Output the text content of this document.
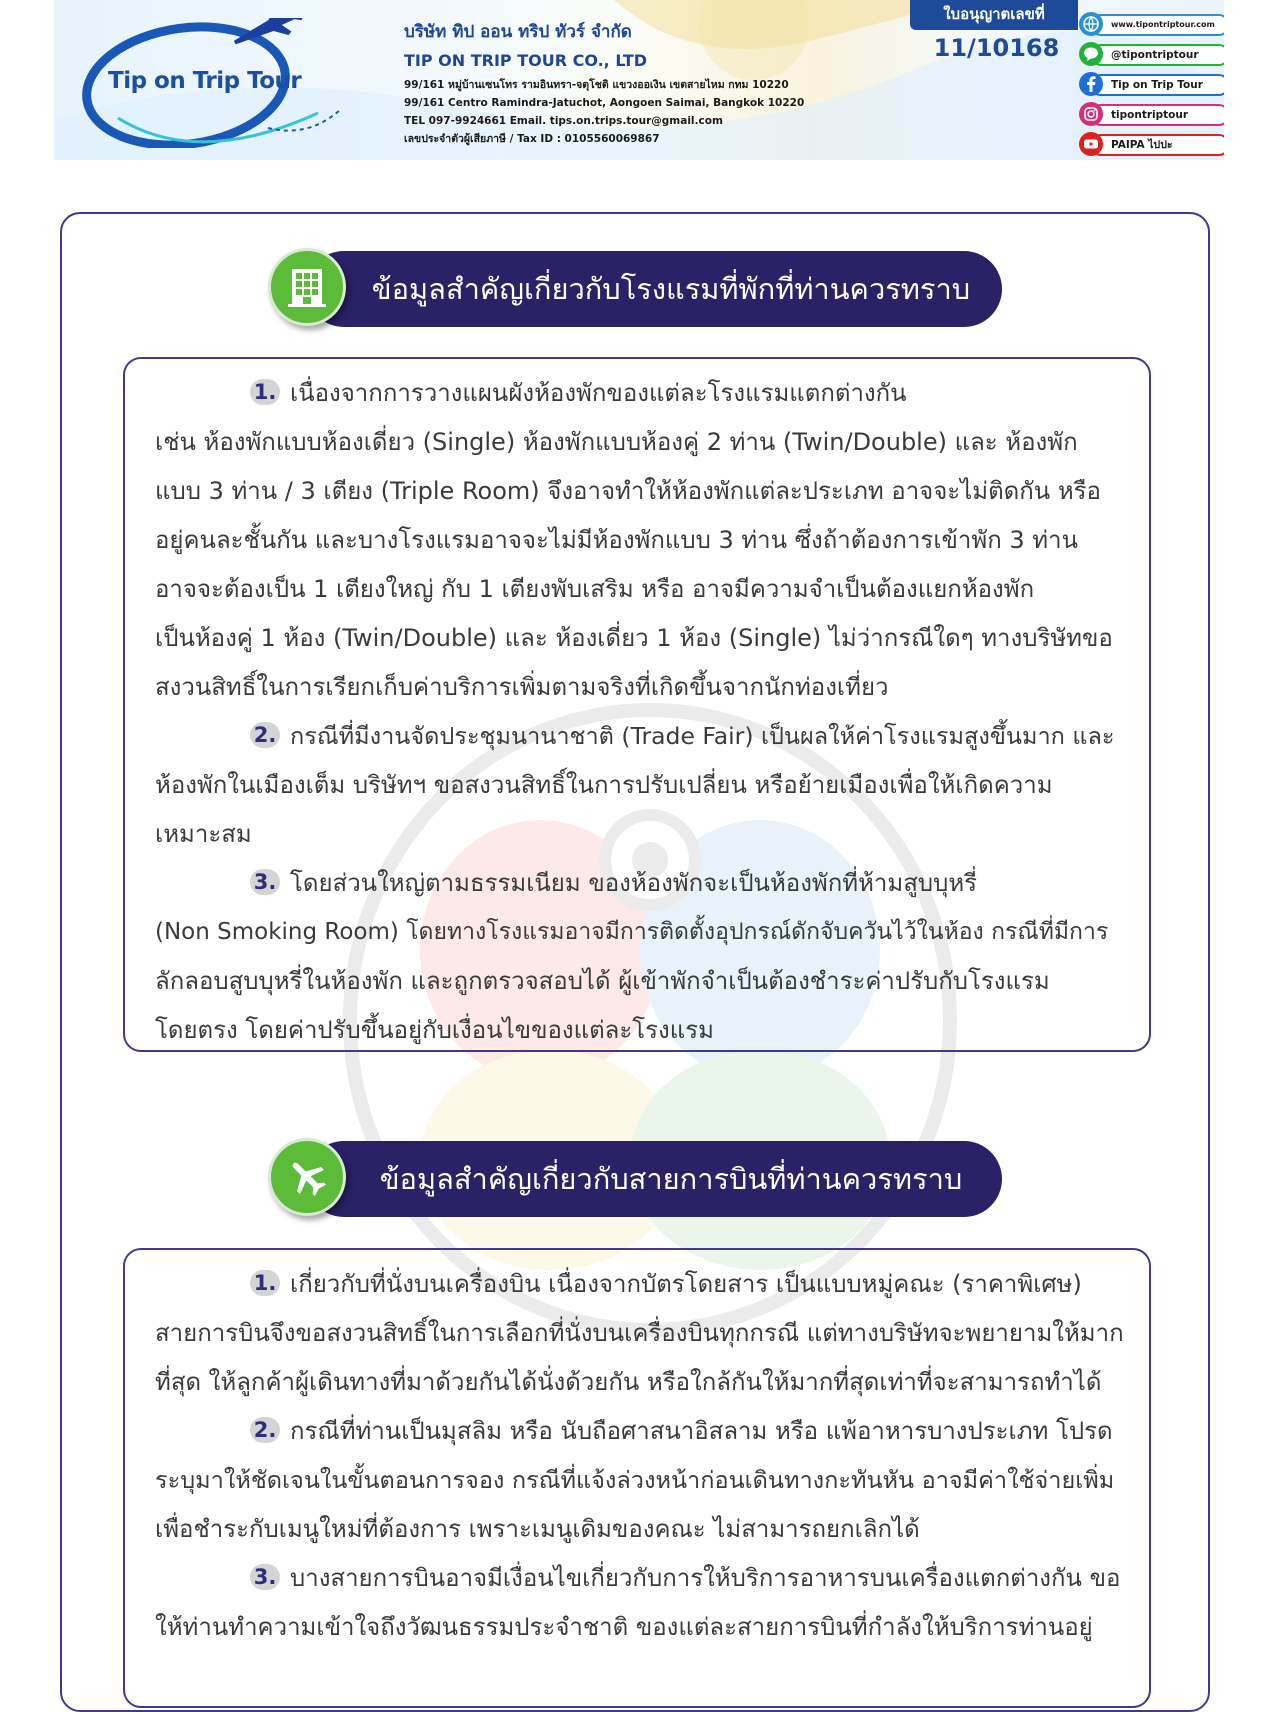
Tip on Trip Tour
บริษัท ทิป ออน ทริป ทัวร์ จำกัด
TIP ON TRIP TOUR CO., LTD
99/161 หมู่บ้านเซนโทร รามอินทรา-จตุโชติ แขวงออเงิน เขตสายไหม กทม 10220
99/161 Centro Ramindra-Jatuchot, Aongoen Saimai, Bangkok 10220
TEL 097-9924661 Email. tips.on.trips.tour@gmail.com
เลขประจำตัวผู้เสียภาษี / Tax ID : 0105560069867
ใบอนุญาตเลขที่
11/10168
www.tipontriptour.com
@tipontriptour
Tip on Trip Tour
tipontriptour
PAIPA ไปปะ
ข้อมูลสำคัญเกี่ยวกับโรงแรมที่พักที่ท่านควรทราบ
1. เนื่องจากการวางแผนผังห้องพักของแต่ละโรงแรมแตกต่างกัน
เช่น ห้องพักแบบห้องเดี่ยว (Single) ห้องพักแบบห้องคู่ 2 ท่าน (Twin/Double) และ ห้องพัก
แบบ 3 ท่าน / 3 เตียง (Triple Room) จึงอาจทำให้ห้องพักแต่ละประเภท อาจจะไม่ติดกัน หรือ
อยู่คนละชั้นกัน และบางโรงแรมอาจจะไม่มีห้องพักแบบ 3 ท่าน ซึ่งถ้าต้องการเข้าพัก 3 ท่าน
อาจจะต้องเป็น 1 เตียงใหญ่ กับ 1 เตียงพับเสริม หรือ อาจมีความจำเป็นต้องแยกห้องพัก
เป็นห้องคู่ 1 ห้อง (Twin/Double) และ ห้องเดี่ยว 1 ห้อง (Single) ไม่ว่ากรณีใดๆ ทางบริษัทขอ
สงวนสิทธิ์ในการเรียกเก็บค่าบริการเพิ่มตามจริงที่เกิดขึ้นจากนักท่องเที่ยว
2. กรณีที่มีงานจัดประชุมนานาชาติ (Trade Fair) เป็นผลให้ค่าโรงแรมสูงขึ้นมาก และ
ห้องพักในเมืองเต็ม บริษัทฯ ขอสงวนสิทธิ์ในการปรับเปลี่ยน หรือย้ายเมืองเพื่อให้เกิดความ
เหมาะสม
3. โดยส่วนใหญ่ตามธรรมเนียม ของห้องพักจะเป็นห้องพักที่ห้ามสูบบุหรี่
(Non Smoking Room) โดยทางโรงแรมอาจมีการติดตั้งอุปกรณ์ดักจับควันไว้ในห้อง กรณีที่มีการ
ลักลอบสูบบุหรี่ในห้องพัก และถูกตรวจสอบได้ ผู้เข้าพักจำเป็นต้องชำระค่าปรับกับโรงแรม
โดยตรง โดยค่าปรับขึ้นอยู่กับเงื่อนไขของแต่ละโรงแรม
ข้อมูลสำคัญเกี่ยวกับสายการบินที่ท่านควรทราบ
1. เกี่ยวกับที่นั่งบนเครื่องบิน เนื่องจากบัตรโดยสาร เป็นแบบหมู่คณะ (ราคาพิเศษ)
สายการบินจึงขอสงวนสิทธิ์ในการเลือกที่นั่งบนเครื่องบินทุกกรณี แต่ทางบริษัทจะพยายามให้มาก
ที่สุด ให้ลูกค้าผู้เดินทางที่มาด้วยกันได้นั่งด้วยกัน หรือใกล้กันให้มากที่สุดเท่าที่จะสามารถทำได้
2. กรณีที่ท่านเป็นมุสลิม หรือ นับถือศาสนาอิสลาม หรือ แพ้อาหารบางประเภท โปรด
ระบุมาให้ชัดเจนในขั้นตอนการจอง กรณีที่แจ้งล่วงหน้าก่อนเดินทางกะทันหัน อาจมีค่าใช้จ่ายเพิ่ม
เพื่อชำระกับเมนูใหม่ที่ต้องการ เพราะเมนูเดิมของคณะ ไม่สามารถยกเลิกได้
3. บางสายการบินอาจมีเงื่อนไขเกี่ยวกับการให้บริการอาหารบนเครื่องแตกต่างกัน ขอ
ให้ท่านทำความเข้าใจถึงวัฒนธรรมประจำชาติ ของแต่ละสายการบินที่กำลังให้บริการท่านอยู่
